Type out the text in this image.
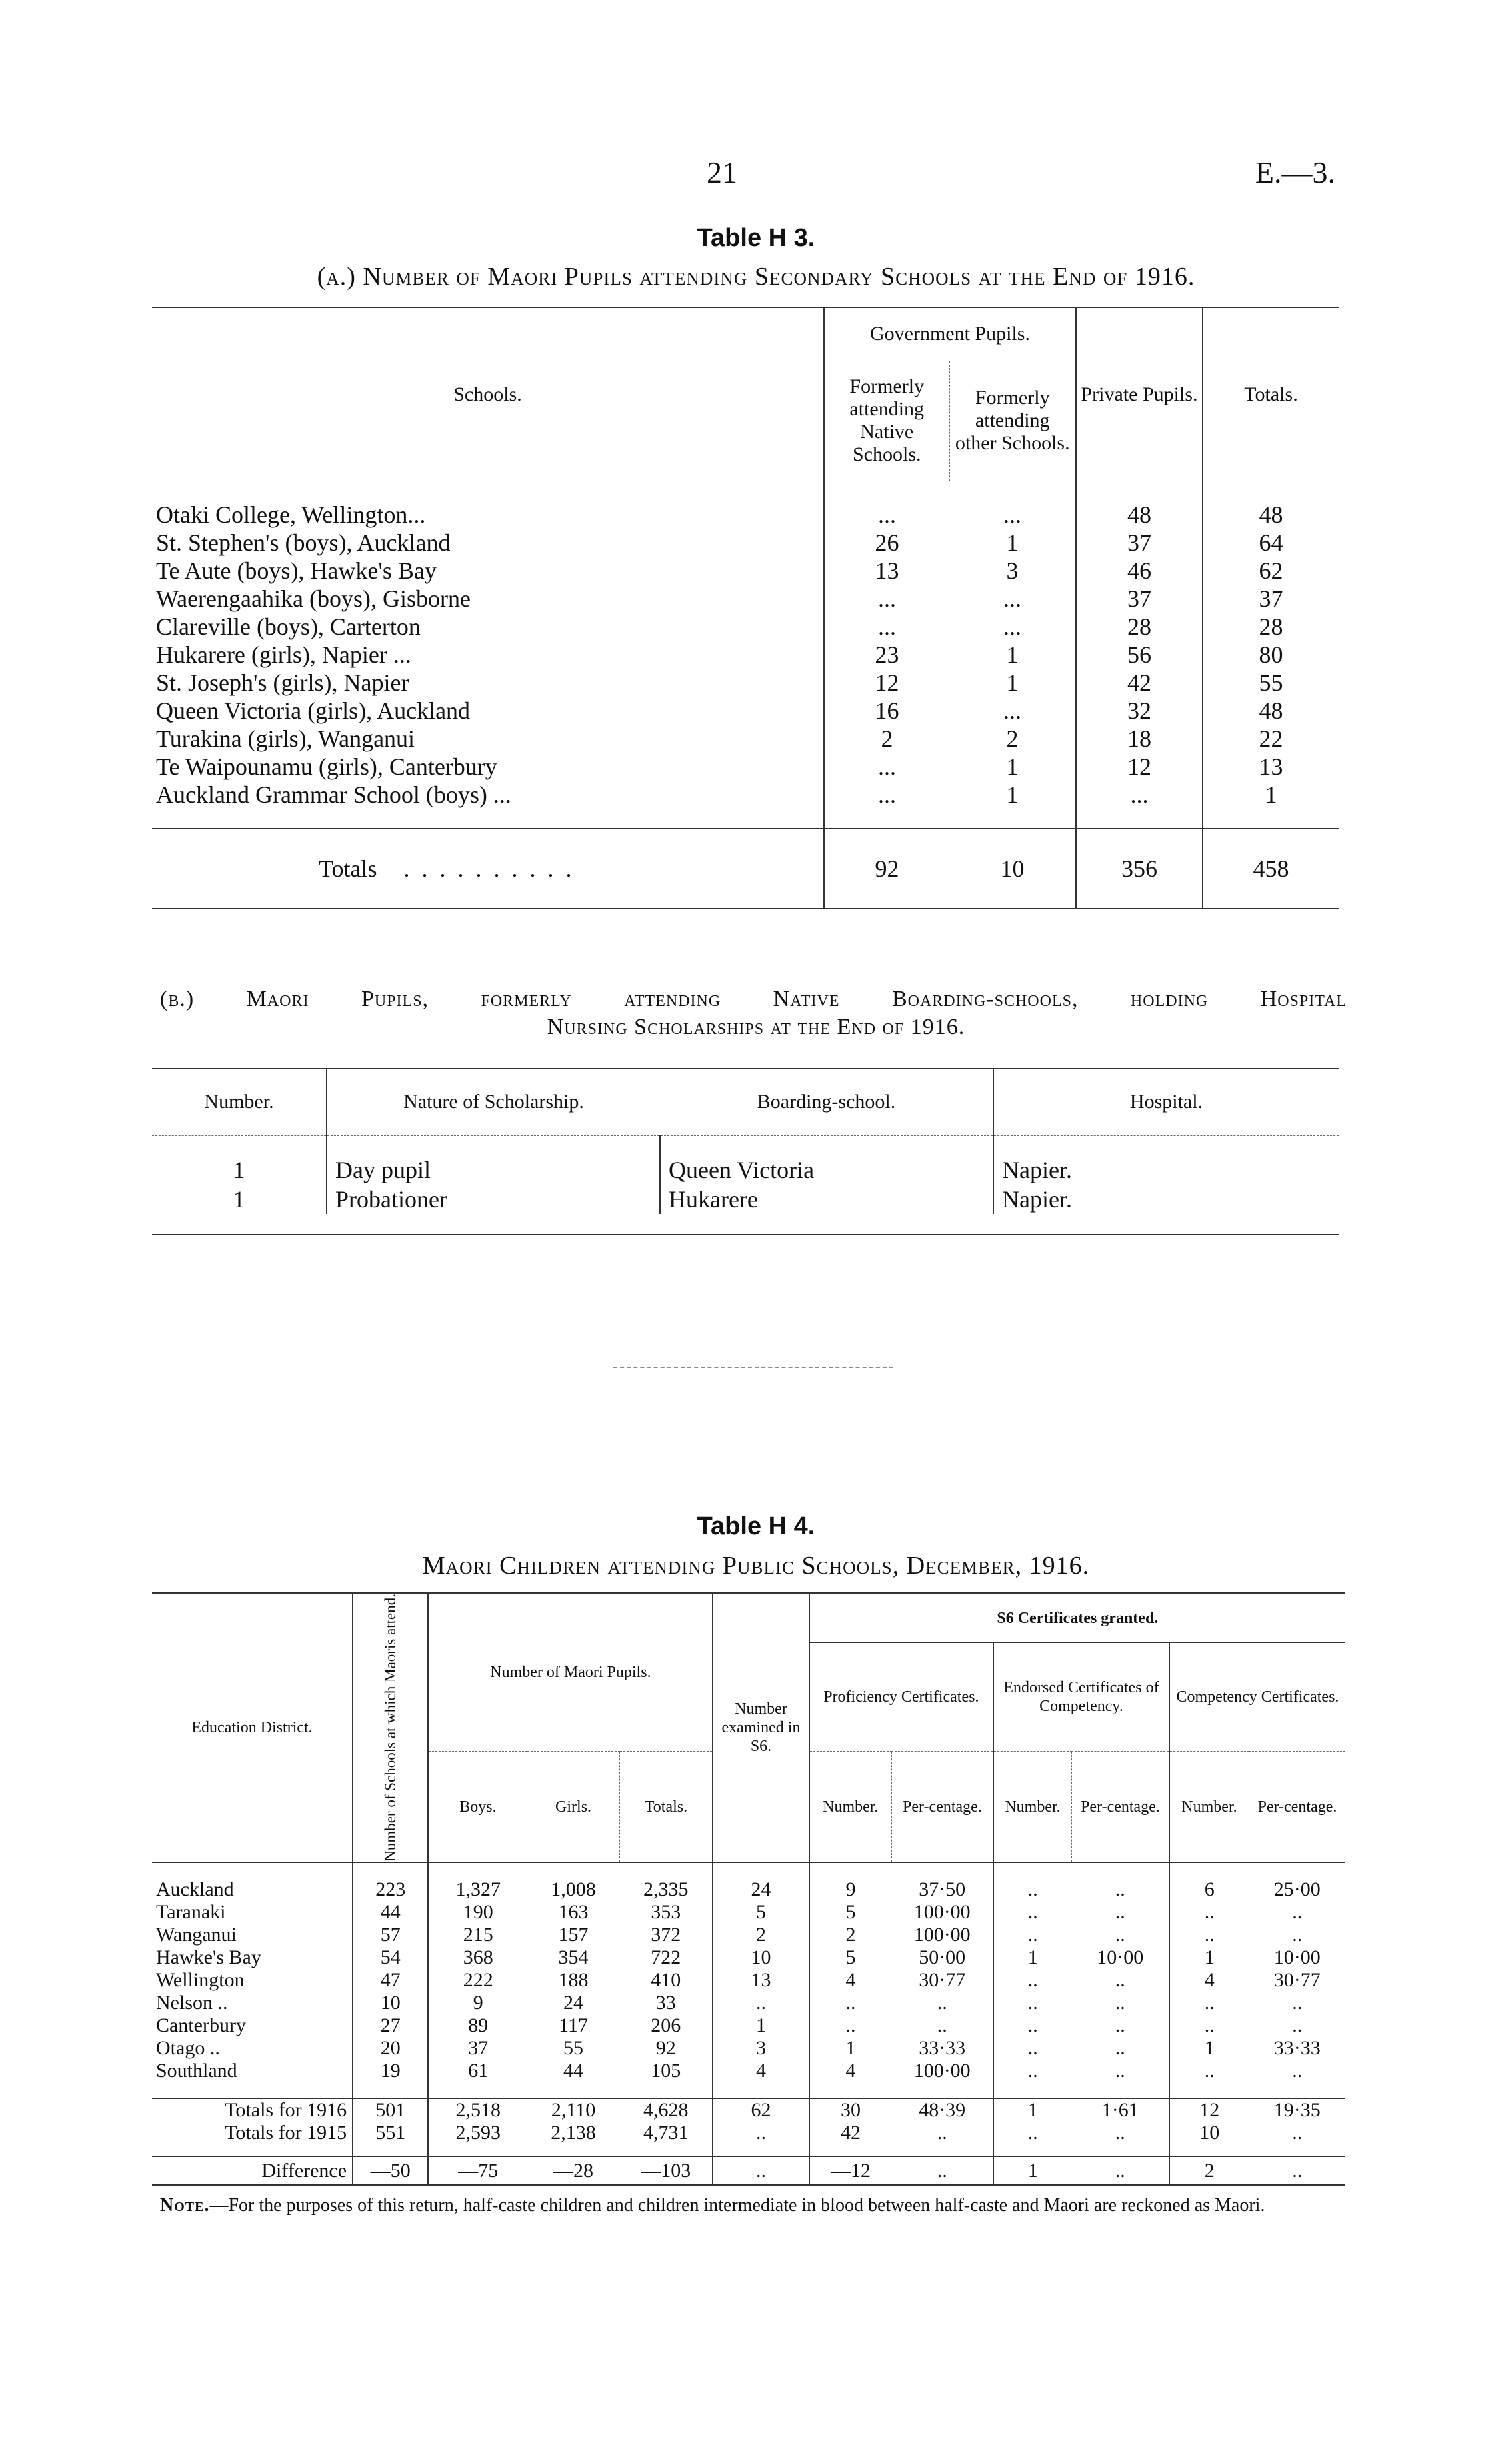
21	E.—3.
Table H 3.
(a.) Number of Maori Pupils attending Secondary Schools at the End of 1916.
Schools.	Government Pupils.		Private Pupils.	Totals.
	Formerly attending Native Schools.	Formerly attending other Schools.		

Otaki College, Wellington...	...	...	48	48
St. Stephen's (boys), Auckland	26	1	37	64
Te Aute (boys), Hawke's Bay	13	3	46	62
Waerengaahika (boys), Gisborne	...	...	37	37
Clareville (boys), Carterton	...	...	28	28
Hukarere (girls), Napier ...	23	1	56	80
St. Joseph's (girls), Napier	12	1	42	55
Queen Victoria (girls), Auckland	16	...	32	48
Turakina (girls), Wanganui	2	2	18	22
Te Waipounamu (girls), Canterbury	...	1	12	13
Auckland Grammar School (boys) ...	...	1	...	1

Totals ..........	92	10	356	458
(b.) Maori Pupils, formerly attending Native Boarding-schools, holding Hospital
Nursing Scholarships at the End of 1916.
Number.	Nature of Scholarship.	Boarding-school.	Hospital.

1	Day pupil	Queen Victoria	Napier.
1	Probationer	Hukarere	Napier.

Table H 4.
Maori Children attending Public Schools, December, 1916.
Education District.	Number of Schools at which Maoris attend.	Number of Maori Pupils.			Number examined in S6.	S6 Certificates granted.					
						Proficiency Certificates.		Endorsed Certificates of Competency.		Competency Certificates.	
		Boys.	Girls.	Totals.		Number.	Per-centage.	Number.	Per-centage.	Number.	Per-centage.

Auckland	223	1,327	1,008	2,335	24	9	37·50	..	..	6	25·00
Taranaki	44	190	163	353	5	5	100·00	..	..	..	..
Wanganui	57	215	157	372	2	2	100·00	..	..	..	..
Hawke's Bay	54	368	354	722	10	5	50·00	1	10·00	1	10·00
Wellington	47	222	188	410	13	4	30·77	..	..	4	30·77
Nelson ..	10	9	24	33	..	..	..	..	..	..	..
Canterbury	27	89	117	206	1	..	..	..	..	..	..
Otago ..	20	37	55	92	3	1	33·33	..	..	1	33·33
Southland	19	61	44	105	4	4	100·00	..	..	..	..

Totals for 1916	501	2,518	2,110	4,628	62	30	48·39	1	1·61	12	19·35
Totals for 1915	551	2,593	2,138	4,731	..	42	..	..	..	10	..

Difference	—50	—75	—28	—103	..	—12	..	1	..	2	..
Note.—For the purposes of this return, half-caste children and children intermediate in blood between half-caste and Maori are reckoned as Maori.
